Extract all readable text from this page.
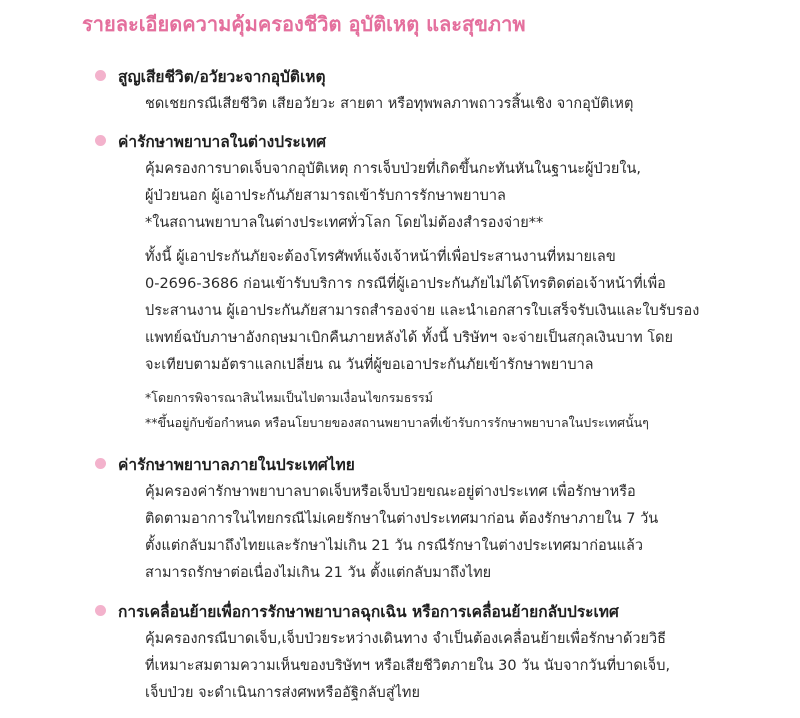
รายละเอียดความคุ้มครองชีวิต อุบัติเหตุ และสุขภาพ
สูญเสียชีวิต/อวัยวะจากอุบัติเหตุ
ชดเชยกรณีเสียชีวิต เสียอวัยวะ สายตา หรือทุพพลภาพถาวรสิ้นเชิง จากอุบัติเหตุ
ค่ารักษาพยาบาลในต่างประเทศ
คุ้มครองการบาดเจ็บจากอุบัติเหตุ การเจ็บป่วยที่เกิดขึ้นกะทันหันในฐานะผู้ป่วยใน,
ผู้ป่วยนอก ผู้เอาประกันภัยสามารถเข้ารับการรักษาพยาบาล
*ในสถานพยาบาลในต่างประเทศทั่วโลก โดยไม่ต้องสำรองจ่าย**
ทั้งนี้ ผู้เอาประกันภัยจะต้องโทรศัพท์แจ้งเจ้าหน้าที่เพื่อประสานงานที่หมายเลข
0-2696-3686 ก่อนเข้ารับบริการ กรณีที่ผู้เอาประกันภัยไม่ได้โทรติดต่อเจ้าหน้าที่เพื่อ
ประสานงาน ผู้เอาประกันภัยสามารถสำรองจ่าย และนำเอกสารใบเสร็จรับเงินและใบรับรอง
แพทย์ฉบับภาษาอังกฤษมาเบิกคืนภายหลังได้ ทั้งนี้ บริษัทฯ จะจ่ายเป็นสกุลเงินบาท โดย
จะเทียบตามอัตราแลกเปลี่ยน ณ วันที่ผู้ขอเอาประกันภัยเข้ารักษาพยาบาล
*โดยการพิจารณาสินไหมเป็นไปตามเงื่อนไขกรมธรรม์
**ขึ้นอยู่กับข้อกำหนด หรือนโยบายของสถานพยาบาลที่เข้ารับการรักษาพยาบาลในประเทศนั้นๆ
ค่ารักษาพยาบาลภายในประเทศไทย
คุ้มครองค่ารักษาพยาบาลบาดเจ็บหรือเจ็บป่วยขณะอยู่ต่างประเทศ เพื่อรักษาหรือ
ติดตามอาการในไทยกรณีไม่เคยรักษาในต่างประเทศมาก่อน ต้องรักษาภายใน 7 วัน
ตั้งแต่กลับมาถึงไทยและรักษาไม่เกิน 21 วัน กรณีรักษาในต่างประเทศมาก่อนแล้ว
สามารถรักษาต่อเนื่องไม่เกิน 21 วัน ตั้งแต่กลับมาถึงไทย
การเคลื่อนย้ายเพื่อการรักษาพยาบาลฉุกเฉิน หรือการเคลื่อนย้ายกลับประเทศ
คุ้มครองกรณีบาดเจ็บ,เจ็บป่วยระหว่างเดินทาง จำเป็นต้องเคลื่อนย้ายเพื่อรักษาด้วยวิธี
ที่เหมาะสมตามความเห็นของบริษัทฯ หรือเสียชีวิตภายใน 30 วัน นับจากวันที่บาดเจ็บ,
เจ็บป่วย จะดำเนินการส่งศพหรืออัฐิกลับสู่ไทย
